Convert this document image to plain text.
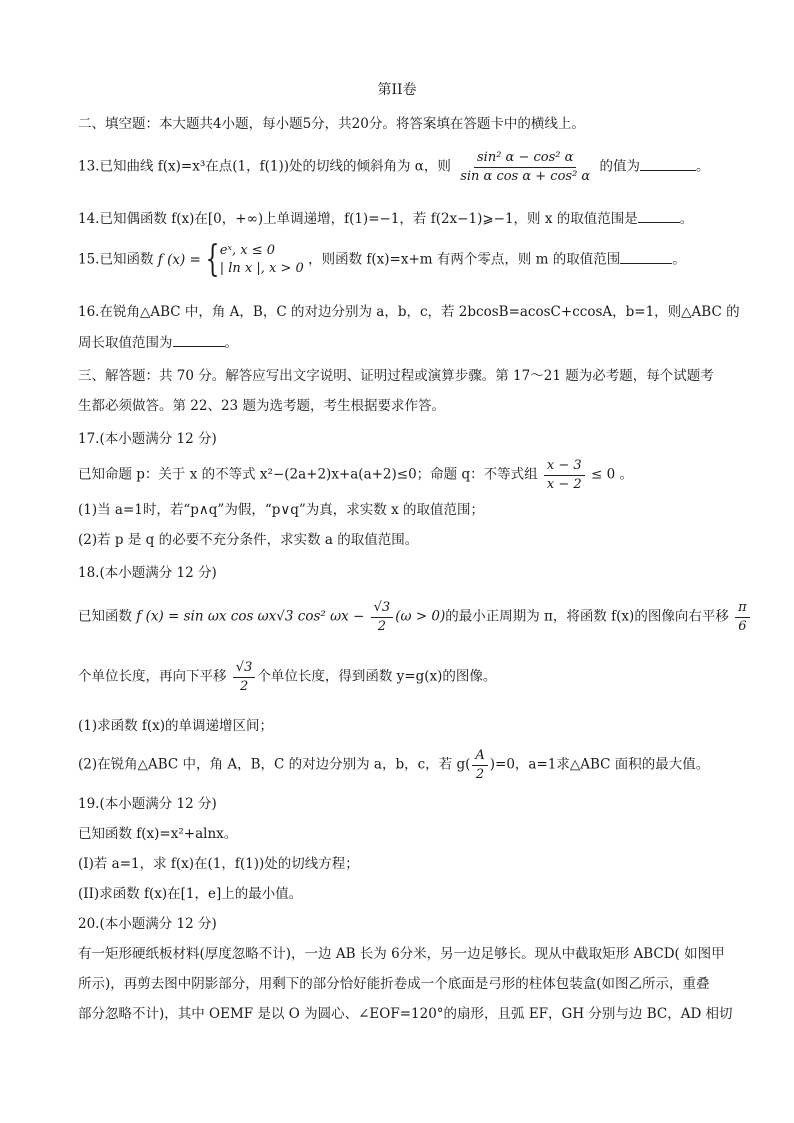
第II卷
二、填空题：本大题共4小题，每小题5分，共20分。将答案填在答题卡中的横线上。
13.已知曲线 f(x)=x³在点(1，f(1))处的切线的倾斜角为 α，则 $\frac{\text{sin² α − cos² α}}{\text{sin α cos α + cos² α}}$ 的值为	。
14.已知偶函数 f(x)在[0，+∞)上单调递增，f(1)=−1，若 f(2x−1)⩾−1，则 x 的取值范围是	。
15.已知函数 f (x) = { eˣ, x ≤ 0
| ln x |, x > 0
，则函数 f(x)=x+m 有两个零点，则 m 的取值范围	。
16.在锐角△ABC 中，角 A，B，C 的对边分别为 a，b，c，若 2bcosB=acosC+ccosA，b=1，则△ABC 的
周长取值范围为	。
三、解答题：共 70 分。解答应写出文字说明、证明过程或演算步骤。第 17～21 题为必考题，每个试题考
生都必须做答。第 22、23 题为选考题，考生根据要求作答。
17.(本小题满分 12 分)
已知命题 p：关于 x 的不等式 x²−(2a+2)x+a(a+2)≤0；命题 q：不等式组 $\frac{x - 3}{x - 2} \le 0$ 。
(1)当 a=1时，若“p∧q”为假，“p∨q”为真，求实数 x 的取值范围；
(2)若 p 是 q 的必要不充分条件，求实数 a 的取值范围。
18.(本小题满分 12 分)
已知函数 f (x) = sin ωx cos ωx√3 cos² $\omega x - \frac{√3}{2} (\omega > 0)$的最小正周期为 π，将函数 f(x)的图像向右平移 $\frac{\pi}{6}$
个单位长度，再向下平移 $\frac{√3}{2}$ 个单位长度，得到函数 y=g(x)的图像。
(1)求函数 f(x)的单调递增区间；
(2)在锐角△ABC 中，角 A，B，C 的对边分别为 a，b，c，若 $g( \frac{A}{2} )=0$，a=1求△ABC 面积的最大值。
19.(本小题满分 12 分)
已知函数 f(x)=x²+alnx。
(I)若 a=1，求 f(x)在(1，f(1))处的切线方程；
(II)求函数 f(x)在[1，e]上的最小值。
20.(本小题满分 12 分)
有一矩形硬纸板材料(厚度忽略不计)，一边 AB 长为 6分米，另一边足够长。现从中截取矩形 ABCD( 如图甲
所示)，再剪去图中阴影部分，用剩下的部分恰好能折卷成一个底面是弓形的柱体包装盒(如图乙所示，重叠
部分忽略不计)，其中 OEMF 是以 O 为圆心、∠EOF=120°的扇形，且弧 EF，GH 分别与边 BC，AD 相切
